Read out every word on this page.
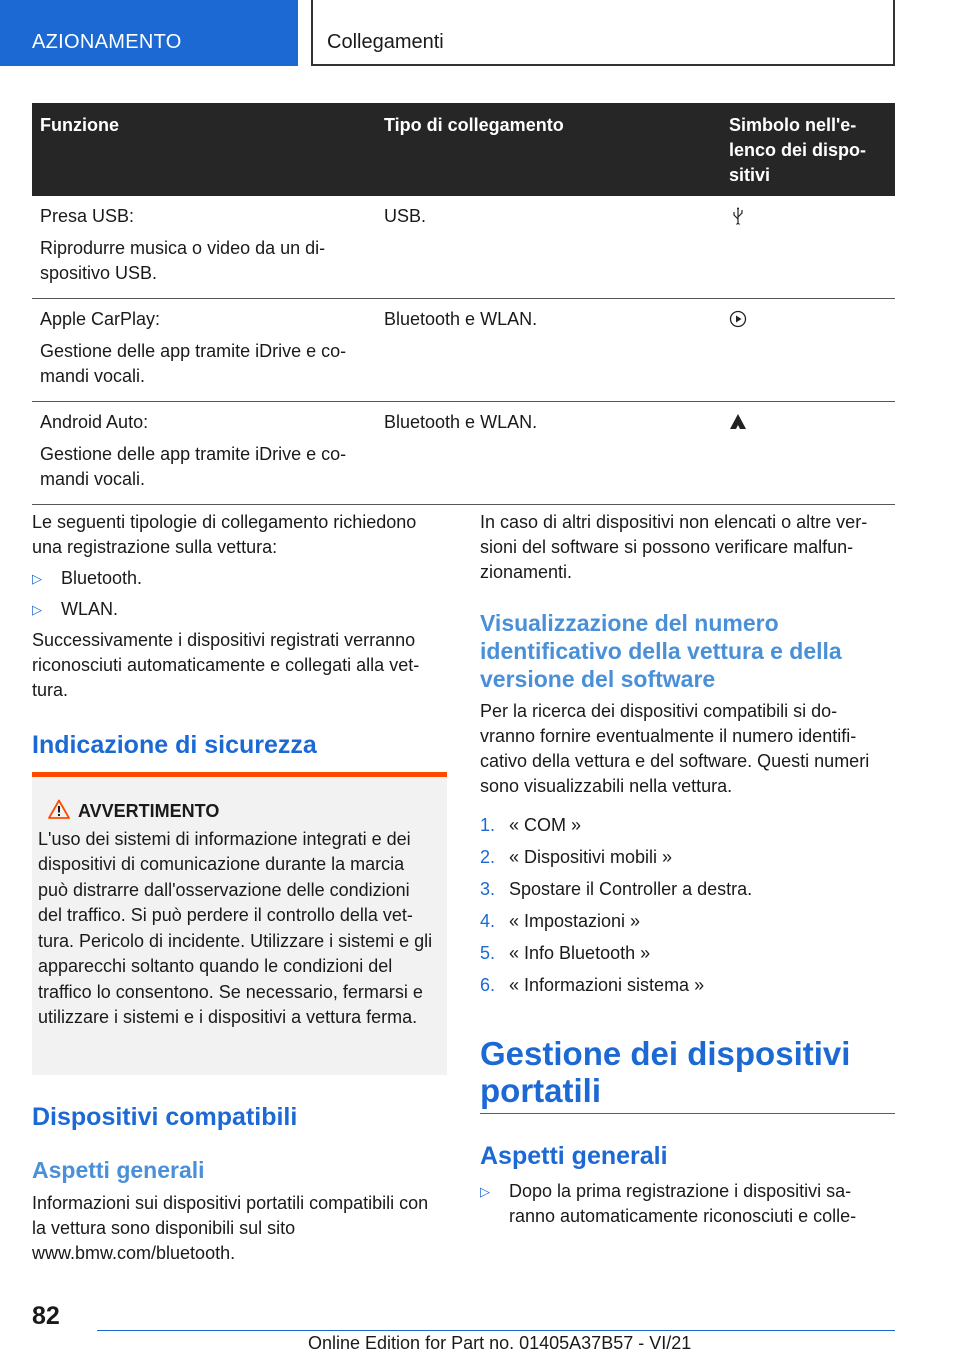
AZIONAMENTO	Collegamenti
Funzione	Tipo di collegamento	Simbolo nell'e-
lenco dei dispo-
sitivi

Presa USB:

Riprodurre musica o video da un di-
spositivo USB.	USB.	

Apple CarPlay:

Gestione delle app tramite iDrive e co-
mandi vocali.	Bluetooth e WLAN.	

Android Auto:

Gestione delle app tramite iDrive e co-
mandi vocali.	Bluetooth e WLAN.	

Le seguenti tipologie di collegamento richiedono una registrazione sulla vettura:

▷ Bluetooth.
▷ WLAN.

Successivamente i dispositivi registrati verranno riconosciuti automaticamente e collegati alla vet-
tura.

Indicazione di sicurezza
AVVERTIMENTO
L'uso dei sistemi di informazione integrati e dei dispositivi di comunicazione durante la marcia può distrarre dall'osservazione delle condizioni del traffico. Si può perdere il controllo della vet-
tura. Pericolo di incidente. Utilizzare i sistemi e gli apparecchi soltanto quando le condizioni del traffico lo consentono. Se necessario, fermarsi e utilizzare i sistemi e i dispositivi a vettura ferma.
Dispositivi compatibili
Aspetti generali
Informazioni sui dispositivi portatili compatibili con la vettura sono disponibili sul sito www.bmw.com/bluetooth.
In caso di altri dispositivi non elencati o altre ver-
sioni del software si possono verificare malfun-
zionamenti.
Visualizzazione del numero identificativo della vettura e della versione del software
Per la ricerca dei dispositivi compatibili si do-
vranno fornire eventualmente il numero identifi-
cativo della vettura e del software. Questi numeri sono visualizzabili nella vettura.
1. « COM »
2. « Dispositivi mobili »
3. Spostare il Controller a destra.
4. « Impostazioni »
5. « Info Bluetooth »
6. « Informazioni sistema »
Gestione dei dispositivi portatili
Aspetti generali
▷ Dopo la prima registrazione i dispositivi sa-
ranno automaticamente riconosciuti e colle-
82
Online Edition for Part no. 01405A37B57 - VI/21
